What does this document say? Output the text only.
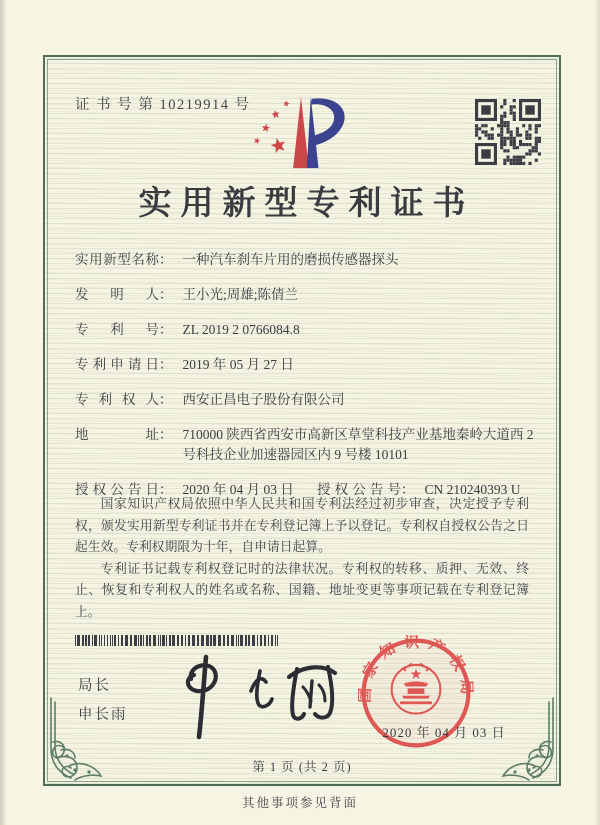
证 书 号 第 10219914 号
实用新型专利证书
实用新型名称 ： 一种汽车刹车片用的磨损传感器探头
发明人 ： 王小光;周雄;陈倩兰
专利号 ： ZL 2019 2 0766084.8
专利申请日 ： 2019 年 05 月 27 日
专利权人 ： 西安正昌电子股份有限公司
地址 ： 710000 陕西省西安市高新区草堂科技产业基地秦岭大道西 2 号科技企业加速器园区内 9 号楼 10101
授权公告日 ： 2020 年 04 月 03 日	授权公告号 ： CN 210240393 U

国家知识产权局依照中华人民共和国专利法经过初步审查，决定授予专利权，颁发实用新型专利证书并在专利登记簿上予以登记。专利权自授权公告之日起生效。专利权期限为十年，自申请日起算。

专利证书记载专利权登记时的法律状况。专利权的转移、质押、无效、终止、恢复和专利权人的姓名或名称、国籍、地址变更等事项记载在专利登记簿上。

局长
申长雨
国家知识产权局
2020 年 04 月 03 日
第 1 页 (共 2 页)
其他事项参见背面
